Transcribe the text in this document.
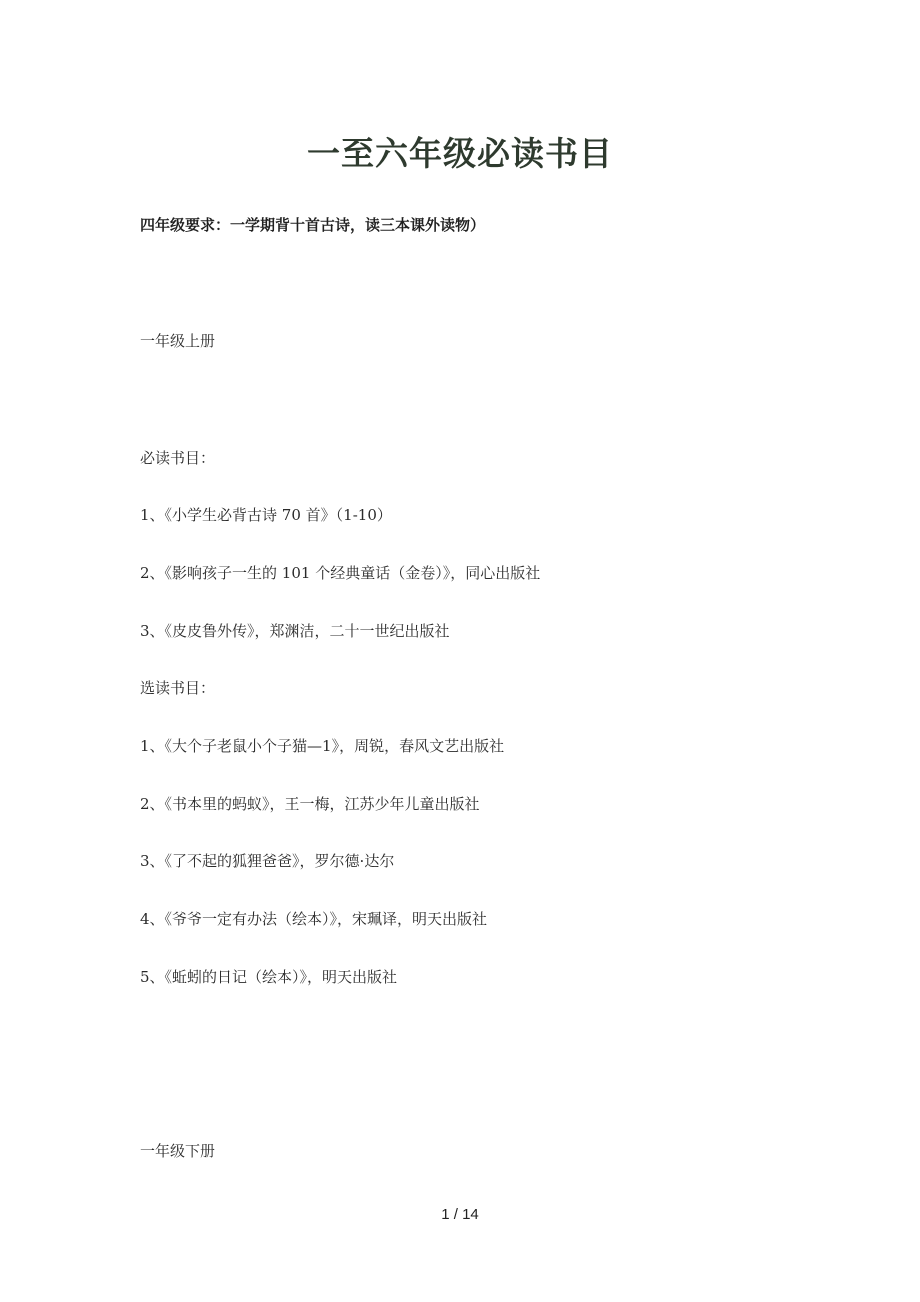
一至六年级必读书目
四年级要求：一学期背十首古诗，读三本课外读物）
一年级上册
必读书目：
1、《小学生必背古诗 70 首》（1-10）
2、《影响孩子一生的 101 个经典童话（金卷）》，同心出版社
3、《皮皮鲁外传》，郑渊洁，二十一世纪出版社
选读书目：
1、《大个子老鼠小个子猫—1》，周锐，春风文艺出版社
2、《书本里的蚂蚁》，王一梅，江苏少年儿童出版社
3、《了不起的狐狸爸爸》，罗尔德·达尔
4、《爷爷一定有办法（绘本）》，宋珮译，明天出版社
5、《蚯蚓的日记（绘本）》，明天出版社
一年级下册
1 / 14
